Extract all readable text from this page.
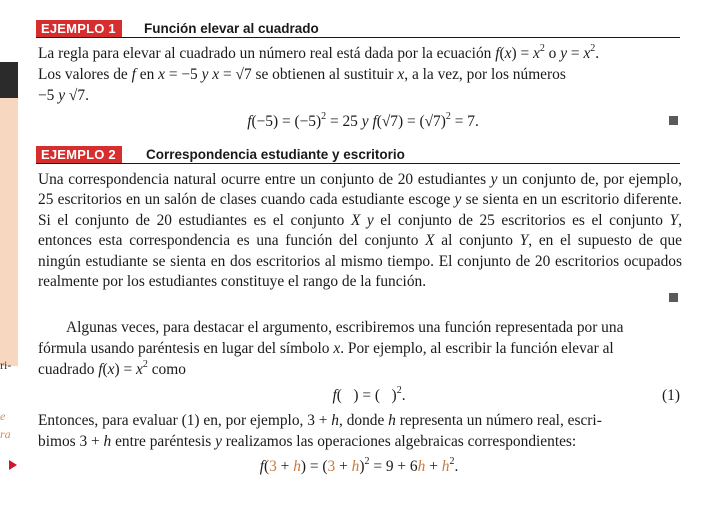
ri-
e
ra
EJEMPLO 1	Función elevar al cuadrado
La regla para elevar al cuadrado un número real está dada por la ecuación $f(x) = x^2$ o $y = x^2$.
Los valores de f en x = −5 y x = √7 se obtienen al sustituir x, a la vez, por los números
−5 y √7.
$f(-5) = (-5)^2 = 25$ y $f(√7) = (√7)^2 = 7$.
EJEMPLO 2	Correspondencia estudiante y escritorio
Una correspondencia natural ocurre entre un conjunto de 20 estudiantes y un conjunto de, por ejemplo, 25 escritorios en un salón de clases cuando cada estudiante escoge y se sienta en un escritorio diferente. Si el conjunto de 20 estudiantes es el conjunto X y el conjunto de 25 escritorios es el conjunto Y, entonces esta correspondencia es una función del conjunto X al conjunto Y, en el supuesto de que ningún estudiante se sienta en dos escritorios al mismo tiempo. El conjunto de 20 escritorios ocupados realmente por los estudiantes constituye el rango de la función.
Algunas veces, para destacar el argumento, escribiremos una función representada por una
fórmula usando paréntesis en lugar del símbolo x. Por ejemplo, al escribir la función elevar al
cuadrado $f(x) = x^2$ como
f(   ) = (   )$^2$.	(1)
Entonces, para evaluar (1) en, por ejemplo, 3 + h, donde h representa un número real, escri-
bimos 3 + h entre paréntesis y realizamos las operaciones algebraicas correspondientes:
$f(3 + h) = (3 + h)^2 = 9 + 6h + h^2$.
